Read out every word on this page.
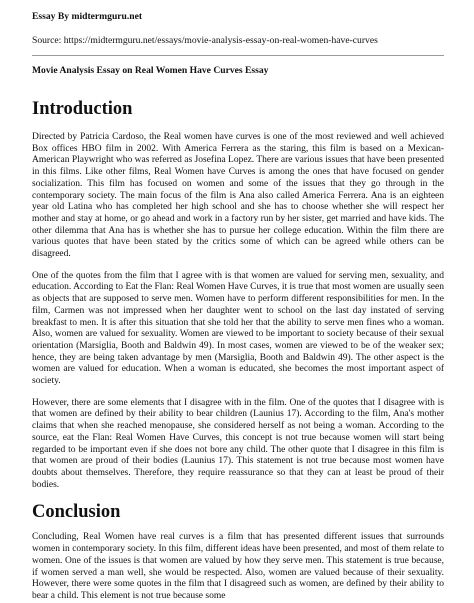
Essay By midtermguru.net
Source: https://midtermguru.net/essays/movie-analysis-essay-on-real-women-have-curves
Movie Analysis Essay on Real Women Have Curves Essay
Introduction

Directed by Patricia Cardoso, the Real women have curves is one of the most reviewed and well achieved Box offices HBO film in 2002. With America Ferrera as the staring, this film is based on a Mexican-American Playwright who was referred as Josefina Lopez. There are various issues that have been presented in this films. Like other films, Real Women have Curves is among the ones that have focused on gender socialization. This film has focused on women and some of the issues that they go through in the contemporary society. The main focus of the film is Ana also called America Ferrera. Ana is an eighteen year old Latina who has completed her high school and she has to choose whether she will respect her mother and stay at home, or go ahead and work in a factory run by her sister, get married and have kids. The other dilemma that Ana has is whether she has to pursue her college education. Within the film there are various quotes that have been stated by the critics some of which can be agreed while others can be disagreed.

One of the quotes from the film that I agree with is that women are valued for serving men, sexuality, and education. According to Eat the Flan: Real Women Have Curves, it is true that most women are usually seen as objects that are supposed to serve men. Women have to perform different responsibilities for men. In the film, Carmen was not impressed when her daughter went to school on the last day instated of serving breakfast to men. It is after this situation that she told her that the ability to serve men fines who a woman. Also, women are valued for sexuality. Women are viewed to be important to society because of their sexual orientation (Marsiglia, Booth and Baldwin 49). In most cases, women are viewed to be of the weaker sex; hence, they are being taken advantage by men (Marsiglia, Booth and Baldwin 49). The other aspect is the women are valued for education. When a woman is educated, she becomes the most important aspect of society.

However, there are some elements that I disagree with in the film. One of the quotes that I disagree with is that women are defined by their ability to bear children (Launius 17). According to the film, Ana's mother claims that when she reached menopause, she considered herself as not being a woman. According to the source, eat the Flan: Real Women Have Curves, this concept is not true because women will start being regarded to be important even if she does not bore any child. The other quote that I disagree in this film is that women are proud of their bodies (Launius 17). This statement is not true because most women have doubts about themselves. Therefore, they require reassurance so that they can at least be proud of their bodies.

Conclusion

Concluding, Real Women have real curves is a film that has presented different issues that surrounds women in contemporary society. In this film, different ideas have been presented, and most of them relate to women. One of the issues is that women are valued by how they serve men. This statement is true because, if women served a man well, she would be respected. Also, women are valued because of their sexuality. However, there were some quotes in the film that I disagreed such as women, are defined by their ability to bear a child. This element is not true because some
